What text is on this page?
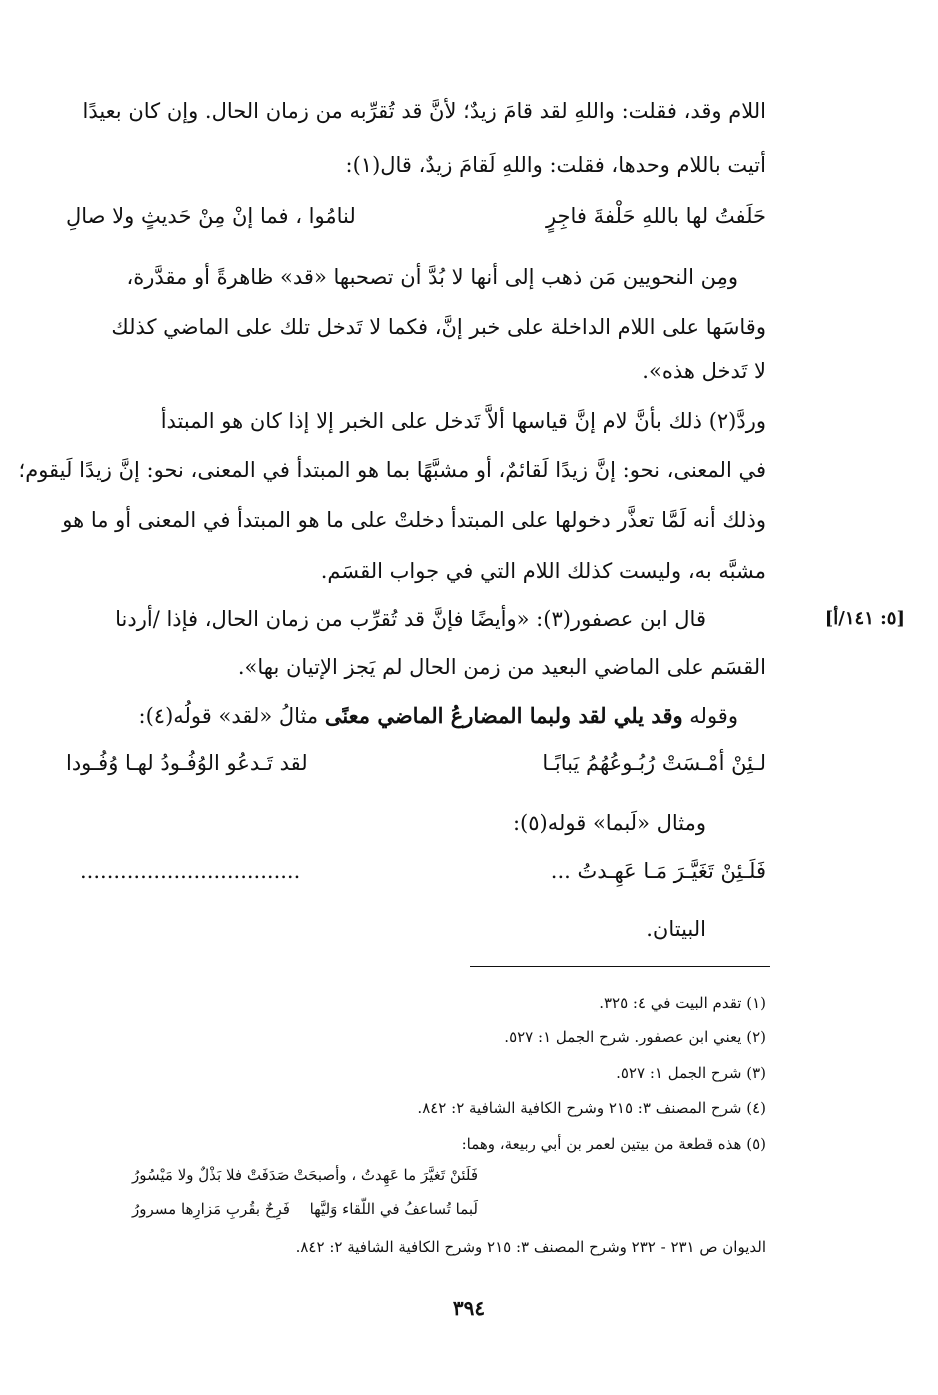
اللام وقد، فقلت: واللهِ لقد قامَ زيدٌ؛ لأنَّ قد تُقرِّبه من زمان الحال. وإن كان بعيدًا
أتيت باللام وحدها، فقلت: واللهِ لَقامَ زيدٌ، قال(١):
حَلَفتُ لها باللهِ حَلْفةَ فاجِرٍ
لنامُوا ، فما إنْ مِنْ حَديثٍ ولا صالِ
ومِن النحويين مَن ذهب إلى أنها لا بُدَّ أن تصحبها «قد» ظاهرةً أو مقدَّرة،
وقاسَها على اللام الداخلة على خبر إنَّ، فكما لا تَدخل تلك على الماضي كذلك
لا تَدخل هذه».
وردَّ(٢) ذلك بأنَّ لام إنَّ قياسها ألاَّ تَدخل على الخبر إلا إذا كان هو المبتدأ
في المعنى، نحو: إنَّ زيدًا لَقائمٌ، أو مشبَّهًا بما هو المبتدأ في المعنى، نحو: إنَّ زيدًا لَيقوم؛
وذلك أنه لَمَّا تعذَّر دخولها على المبتدأ دخلتْ على ما هو المبتدأ في المعنى أو ما هو
مشبَّه به، وليست كذلك اللام التي في جواب القسَم.
قال ابن عصفور(٣): «وأيضًا فإنَّ قد تُقرِّب من زمان الحال، فإذا /أردنا	[٥: ١٤١/أ]
القسَم على الماضي البعيد من زمن الحال لم يَجز الإتيان بها».
وقوله وقد يلي لقد ولبما المضارعُ الماضي معنًى مثالُ «لقد» قولُه(٤):
لـئِنْ أمْـسَتْ رُبُـوعُهُمُ يَبابًـا
لقد تَـدعُو الوُفُـودُ لهـا وُفُـودا
ومثال «لَبما» قوله(٥):
فَلَـئِنْ تَغَيَّـرَ مَـا عَهِـدتُ ...
.................................
البيتان.
(١) تقدم البيت في ٤: ٣٢٥.
(٢) يعني ابن عصفور. شرح الجمل ١: ٥٢٧.
(٣) شرح الجمل ١: ٥٢٧.
(٤) شرح المصنف ٣: ٢١٥ وشرح الكافية الشافية ٢: ٨٤٢.
(٥) هذه قطعة من بيتين لعمر بن أبي ربيعة، وهما:
فَلَئنْ تَغيَّرَ ما عَهِدتُ ، وأصبحَتْ
صَدَفَتْ فلا بَذْلٌ ولا مَيْسُورُ
لَبما تُساعفُ في اللّقاء وَليَّها
فَرِحٌ بقُربِ مَزارِها مسرورُ
الديوان ص ٢٣١ - ٢٣٢ وشرح المصنف ٣: ٢١٥ وشرح الكافية الشافية ٢: ٨٤٢.
٣٩٤
